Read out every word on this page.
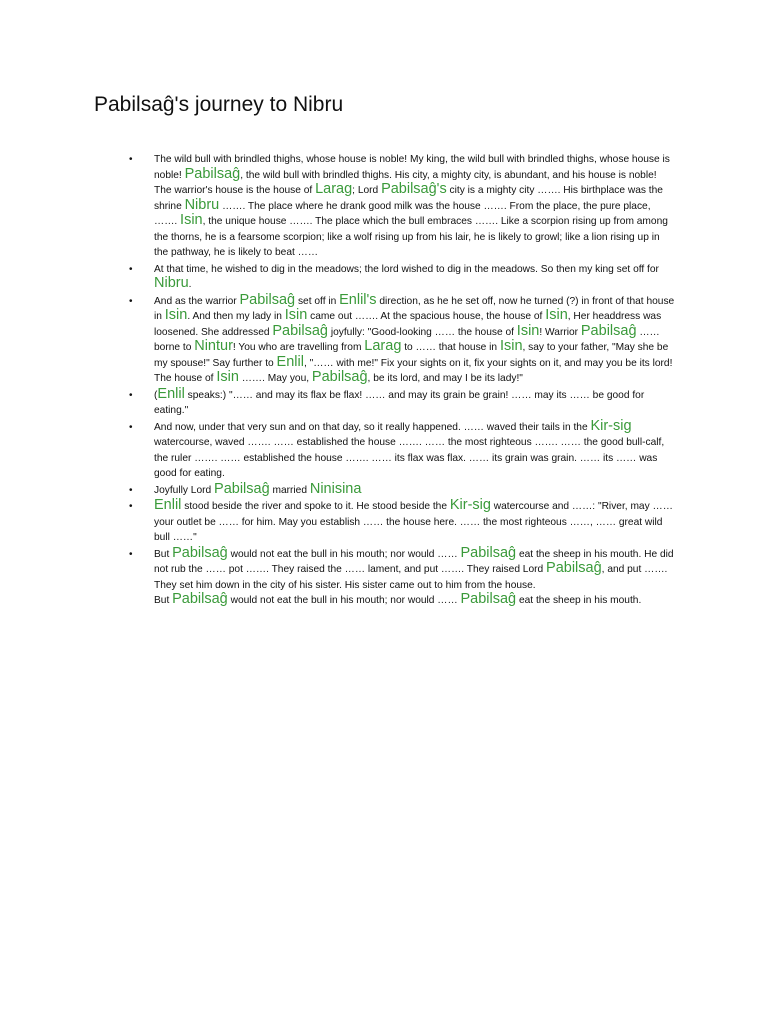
Pabilsaĝ's journey to Nibru
• The wild bull with brindled thighs, whose house is noble! My king, the wild bull with brindled thighs, whose house is noble! Pabilsaĝ, the wild bull with brindled thighs. His city, a mighty city, is abundant, and his house is noble! The warrior's house is the house of Larag; Lord Pabilsaĝ's city is a mighty city ……. His birthplace was the shrine Nibru ……. The place where he drank good milk was the house ……. From the place, the pure place, ……. Isin, the unique house ……. The place which the bull embraces ……. Like a scorpion rising up from among the thorns, he is a fearsome scorpion; like a wolf rising up from his lair, he is likely to growl; like a lion rising up in the pathway, he is likely to beat ……
• At that time, he wished to dig in the meadows; the lord wished to dig in the meadows. So then my king set off for Nibru.
• And as the warrior Pabilsaĝ set off in Enlil's direction, as he he set off, now he turned (?) in front of that house in Isin. And then my lady in Isin came out ……. At the spacious house, the house of Isin, Her headdress was loosened. She addressed Pabilsaĝ joyfully: "Good-looking …… the house of Isin! Warrior Pabilsaĝ …… borne to Nintur! You who are travelling from Larag to …… that house in Isin, say to your father, "May she be my spouse!" Say further to Enlil, "…… with me!" Fix your sights on it, fix your sights on it, and may you be its lord! The house of Isin ……. May you, Pabilsaĝ, be its lord, and may I be its lady!"
• (Enlil speaks:) "…… and may its flax be flax! …… and may its grain be grain! …… may its …… be good for eating."
• And now, under that very sun and on that day, so it really happened. …… waved their tails in the Kir-sig watercourse, waved ……. …… established the house ……. …… the most righteous ……. …… the good bull-calf, the ruler ……. …… established the house ……. …… its flax was flax. …… its grain was grain. …… its …… was good for eating.
• Joyfully Lord Pabilsaĝ married Ninisina
• Enlil stood beside the river and spoke to it. He stood beside the Kir-sig watercourse and ……: "River, may …… your outlet be …… for him. May you establish …… the house here. …… the most righteous ……, …… great wild bull ……"
• But Pabilsaĝ would not eat the bull in his mouth; nor would …… Pabilsaĝ eat the sheep in his mouth. He did not rub the …… pot ……. They raised the …… lament, and put ……. They raised Lord Pabilsaĝ, and put ……. They set him down in the city of his sister. His sister came out to him from the house.
But Pabilsaĝ would not eat the bull in his mouth; nor would …… Pabilsaĝ eat the sheep in his mouth.
